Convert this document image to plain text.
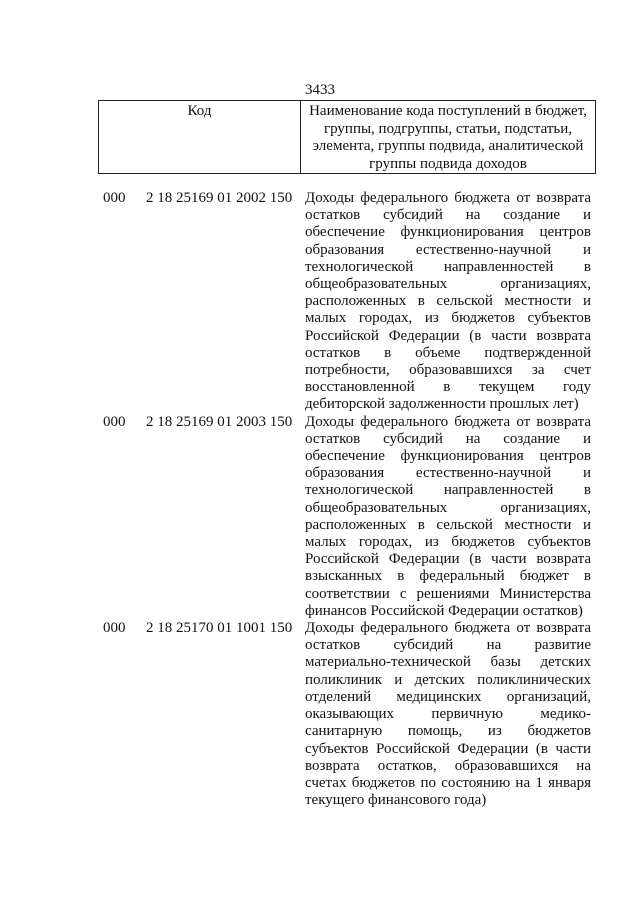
3433
Код	Наименование кода поступлений в бюджет, группы, подгруппы, статьи, подстатьи, элемента, группы подвида, аналитической группы подвида доходов
000 2 18 25169 01 2002 150 Доходы федерального бюджета от возврата остатков субсидий на создание и обеспечение функционирования центров образования естественно-научной и технологической направленностей в общеобразовательных организациях, расположенных в сельской местности и малых городах, из бюджетов субъектов Российской Федерации (в части возврата остатков в объеме подтвержденной потребности, образовавшихся за счет восстановленной в текущем году дебиторской задолженности прошлых лет)
000 2 18 25169 01 2003 150 Доходы федерального бюджета от возврата остатков субсидий на создание и обеспечение функционирования центров образования естественно-научной и технологической направленностей в общеобразовательных организациях, расположенных в сельской местности и малых городах, из бюджетов субъектов Российской Федерации (в части возврата взысканных в федеральный бюджет в соответствии с решениями Министерства финансов Российской Федерации остатков)
000 2 18 25170 01 1001 150 Доходы федерального бюджета от возврата остатков субсидий на развитие материально-технической базы детских поликлиник и детских поликлинических отделений медицинских организаций, оказывающих первичную медико-санитарную помощь, из бюджетов субъектов Российской Федерации (в части возврата остатков, образовавшихся на счетах бюджетов по состоянию на 1 января текущего финансового года)
